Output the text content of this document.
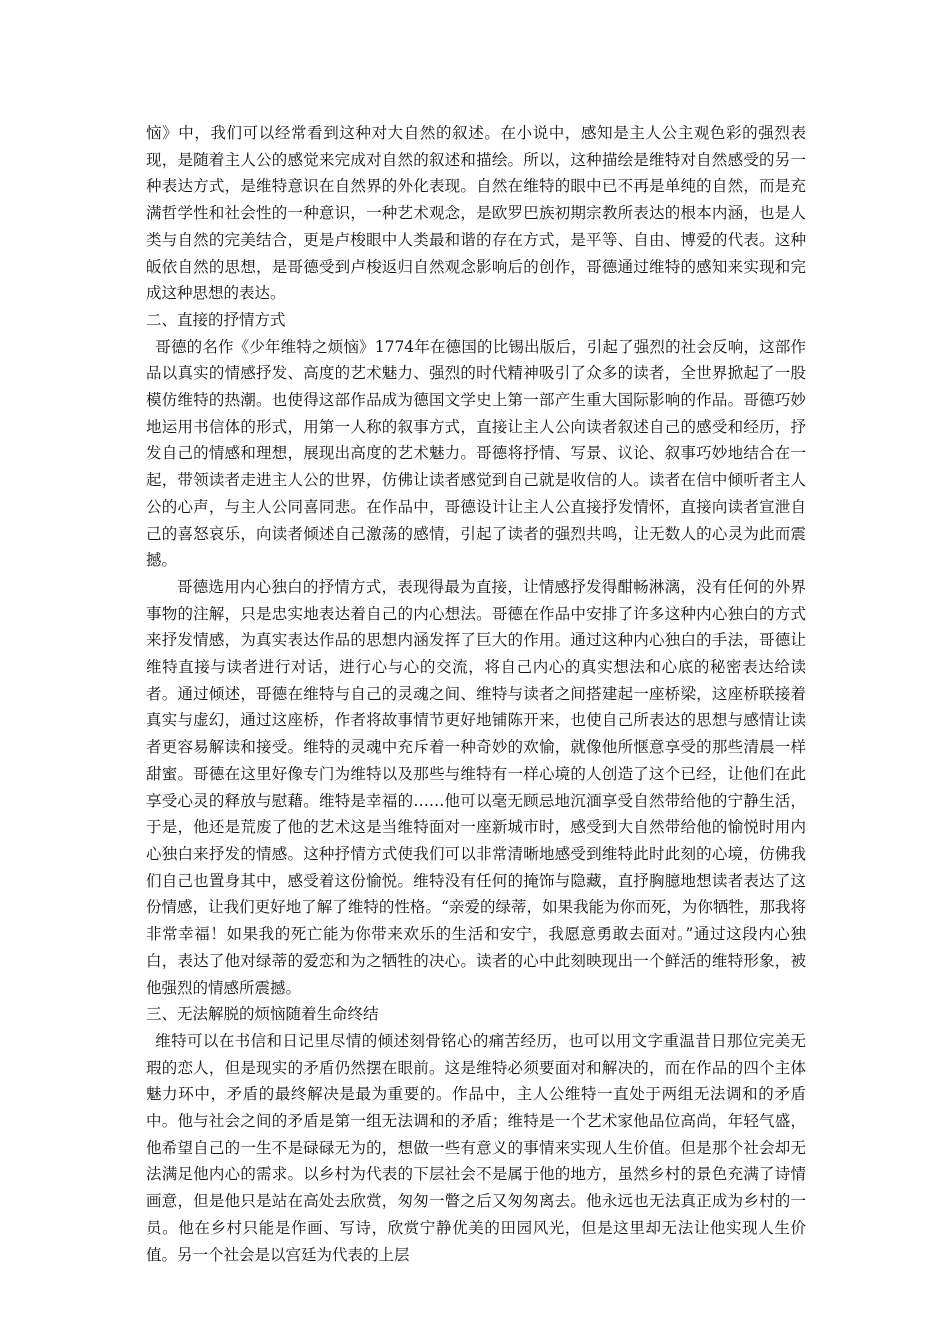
恼》中，我们可以经常看到这种对大自然的叙述。在小说中，感知是主人公主观色彩的强烈表现，是随着主人公的感觉来完成对自然的叙述和描绘。所以，这种描绘是维特对自然感受的另一种表达方式，是维特意识在自然界的外化表现。自然在维特的眼中已不再是单纯的自然，而是充满哲学性和社会性的一种意识，一种艺术观念，是欧罗巴族初期宗教所表达的根本内涵，也是人类与自然的完美结合，更是卢梭眼中人类最和谐的存在方式，是平等、自由、博爱的代表。这种皈依自然的思想，是哥德受到卢梭返归自然观念影响后的创作，哥德通过维特的感知来实现和完成这种思想的表达。

二、直接的抒情方式

哥德的名作《少年维特之烦恼》1774年在德国的比锡出版后，引起了强烈的社会反响，这部作品以真实的情感抒发、高度的艺术魅力、强烈的时代精神吸引了众多的读者，全世界掀起了一股模仿维特的热潮。也使得这部作品成为德国文学史上第一部产生重大国际影响的作品。哥德巧妙地运用书信体的形式，用第一人称的叙事方式，直接让主人公向读者叙述自己的感受和经历，抒发自己的情感和理想，展现出高度的艺术魅力。哥德将抒情、写景、议论、叙事巧妙地结合在一起，带领读者走进主人公的世界，仿佛让读者感觉到自己就是收信的人。读者在信中倾听者主人公的心声，与主人公同喜同悲。在作品中，哥德设计让主人公直接抒发情怀，直接向读者宣泄自己的喜怒哀乐，向读者倾述自己激荡的感情，引起了读者的强烈共鸣，让无数人的心灵为此而震撼。

哥德选用内心独白的抒情方式，表现得最为直接，让情感抒发得酣畅淋漓，没有任何的外界事物的注解，只是忠实地表达着自己的内心想法。哥德在作品中安排了许多这种内心独白的方式来抒发情感，为真实表达作品的思想内涵发挥了巨大的作用。通过这种内心独白的手法，哥德让维特直接与读者进行对话，进行心与心的交流，将自己内心的真实想法和心底的秘密表达给读者。通过倾述，哥德在维特与自己的灵魂之间、维特与读者之间搭建起一座桥梁，这座桥联接着真实与虚幻，通过这座桥，作者将故事情节更好地铺陈开来，也使自己所表达的思想与感情让读者更容易解读和接受。维特的灵魂中充斥着一种奇妙的欢愉，就像他所惬意享受的那些清晨一样甜蜜。哥德在这里好像专门为维特以及那些与维特有一样心境的人创造了这个已经，让他们在此享受心灵的释放与慰藉。维特是幸福的……他可以毫无顾忌地沉湎享受自然带给他的宁静生活，于是，他还是荒废了他的艺术这是当维特面对一座新城市时，感受到大自然带给他的愉悦时用内心独白来抒发的情感。这种抒情方式使我们可以非常清晰地感受到维特此时此刻的心境，仿佛我们自己也置身其中，感受着这份愉悦。维特没有任何的掩饰与隐藏，直抒胸臆地想读者表达了这份情感，让我们更好地了解了维特的性格。“亲爱的绿蒂，如果我能为你而死，为你牺牲，那我将非常幸福！如果我的死亡能为你带来欢乐的生活和安宁，我愿意勇敢去面对。”通过这段内心独白，表达了他对绿蒂的爱恋和为之牺牲的决心。读者的心中此刻映现出一个鲜活的维特形象，被他强烈的情感所震撼。

三、无法解脱的烦恼随着生命终结

维特可以在书信和日记里尽情的倾述刻骨铭心的痛苦经历，也可以用文字重温昔日那位完美无瑕的恋人，但是现实的矛盾仍然摆在眼前。这是维特必须要面对和解决的，而在作品的四个主体魅力环中，矛盾的最终解决是最为重要的。作品中，主人公维特一直处于两组无法调和的矛盾中。他与社会之间的矛盾是第一组无法调和的矛盾；维特是一个艺术家他品位高尚，年轻气盛，他希望自己的一生不是碌碌无为的，想做一些有意义的事情来实现人生价值。但是那个社会却无法满足他内心的需求。以乡村为代表的下层社会不是属于他的地方，虽然乡村的景色充满了诗情画意，但是他只是站在高处去欣赏，匆匆一瞥之后又匆匆离去。他永远也无法真正成为乡村的一员。他在乡村只能是作画、写诗，欣赏宁静优美的田园风光，但是这里却无法让他实现人生价值。另一个社会是以宫廷为代表的上层
